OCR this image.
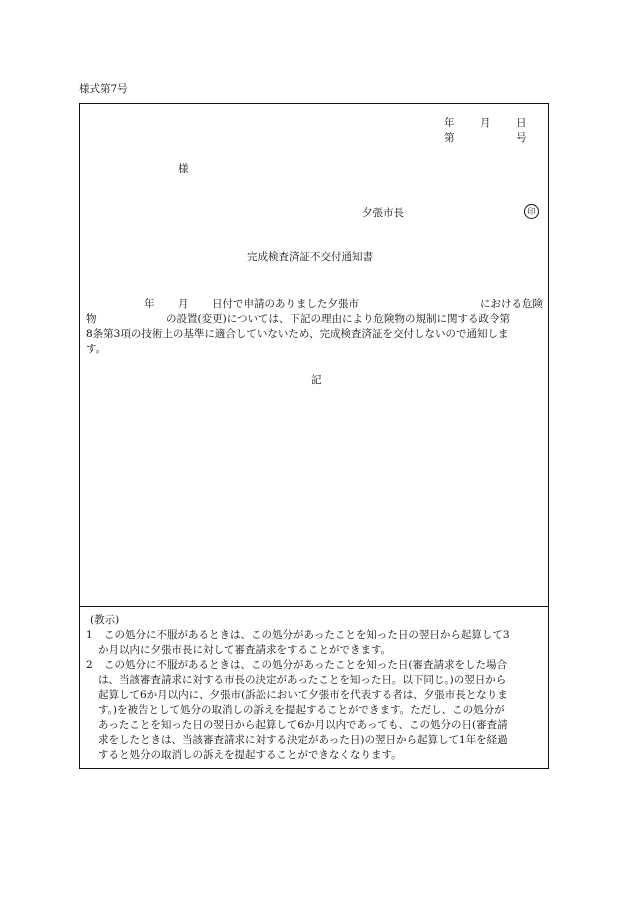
様式第7号
年 月 日
第	号
様
夕張市長	印
完成検査済証不交付通知書
年 月 日付で申請のありました夕張市	における危険
物	の設置(変更)については、下記の理由により危険物の規制に関する政令第
8条第3項の技術上の基準に適合していないため、完成検査済証を交付しないので通知しま
す。
記
(教示)
1 この処分に不服があるときは、この処分があったことを知った日の翌日から起算して3
か月以内に夕張市長に対して審査請求をすることができます。
2 この処分に不服があるときは、この処分があったことを知った日(審査請求をした場合
は、当該審査請求に対する市長の決定があったことを知った日。以下同じ。)の翌日から
起算して6か月以内に、夕張市(訴訟において夕張市を代表する者は、夕張市長となりま
す。)を被告として処分の取消しの訴えを提起することができます。ただし、この処分が
あったことを知った日の翌日から起算して6か月以内であっても、この処分の日(審査請
求をしたときは、当該審査請求に対する決定があった日)の翌日から起算して1年を経過
すると処分の取消しの訴えを提起することができなくなります。
